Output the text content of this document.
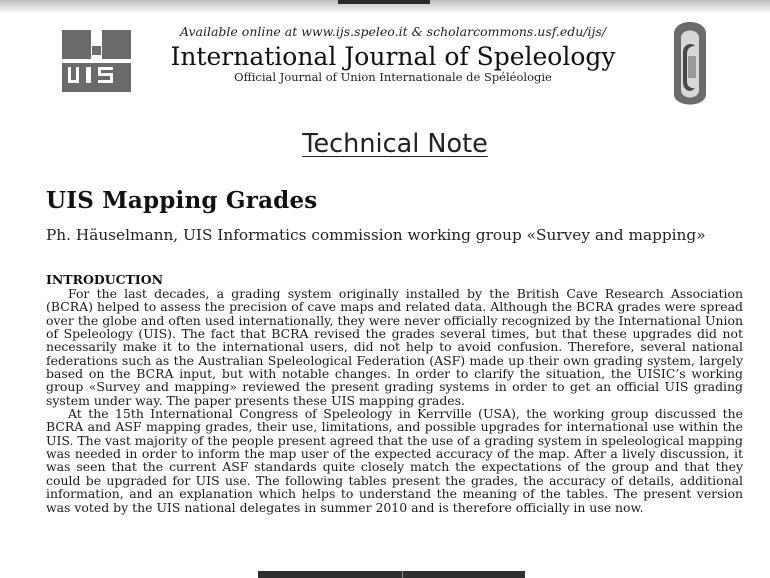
Available online at www.ijs.speleo.it & scholarcommons.usf.edu/ijs/
International Journal of Speleology
Official Journal of Union Internationale de Spéléologie
Technical Note
UIS Mapping Grades
Ph. Häuselmann, UIS Informatics commission working group «Survey and mapping»
INTRODUCTION

For the last decades, a grading system originally installed by the British Cave Research Association (BCRA) helped to assess the precision of cave maps and related data. Although the BCRA grades were spread over the globe and often used internationally, they were never officially recognized by the International Union of Speleology (UIS). The fact that BCRA revised the grades several times, but that these upgrades did not necessarily make it to the international users, did not help to avoid confusion. Therefore, several national federations such as the Australian Speleological Federation (ASF) made up their own grading system, largely based on the BCRA input, but with notable changes. In order to clarify the situation, the UISIC’s working group «Survey and mapping» reviewed the present grading systems in order to get an official UIS grading system under way. The paper presents these UIS mapping grades.

At the 15th International Congress of Speleology in Kerrville (USA), the working group discussed the BCRA and ASF mapping grades, their use, limitations, and possible upgrades for international use within the UIS. The vast majority of the people present agreed that the use of a grading system in speleological mapping was needed in order to inform the map user of the expected accuracy of the map. After a lively discussion, it was seen that the current ASF standards quite closely match the expectations of the group and that they could be upgraded for UIS use. The following tables present the grades, the accuracy of details, additional information, and an explanation which helps to understand the meaning of the tables. The present version was voted by the UIS national delegates in summer 2010 and is therefore officially in use now.
